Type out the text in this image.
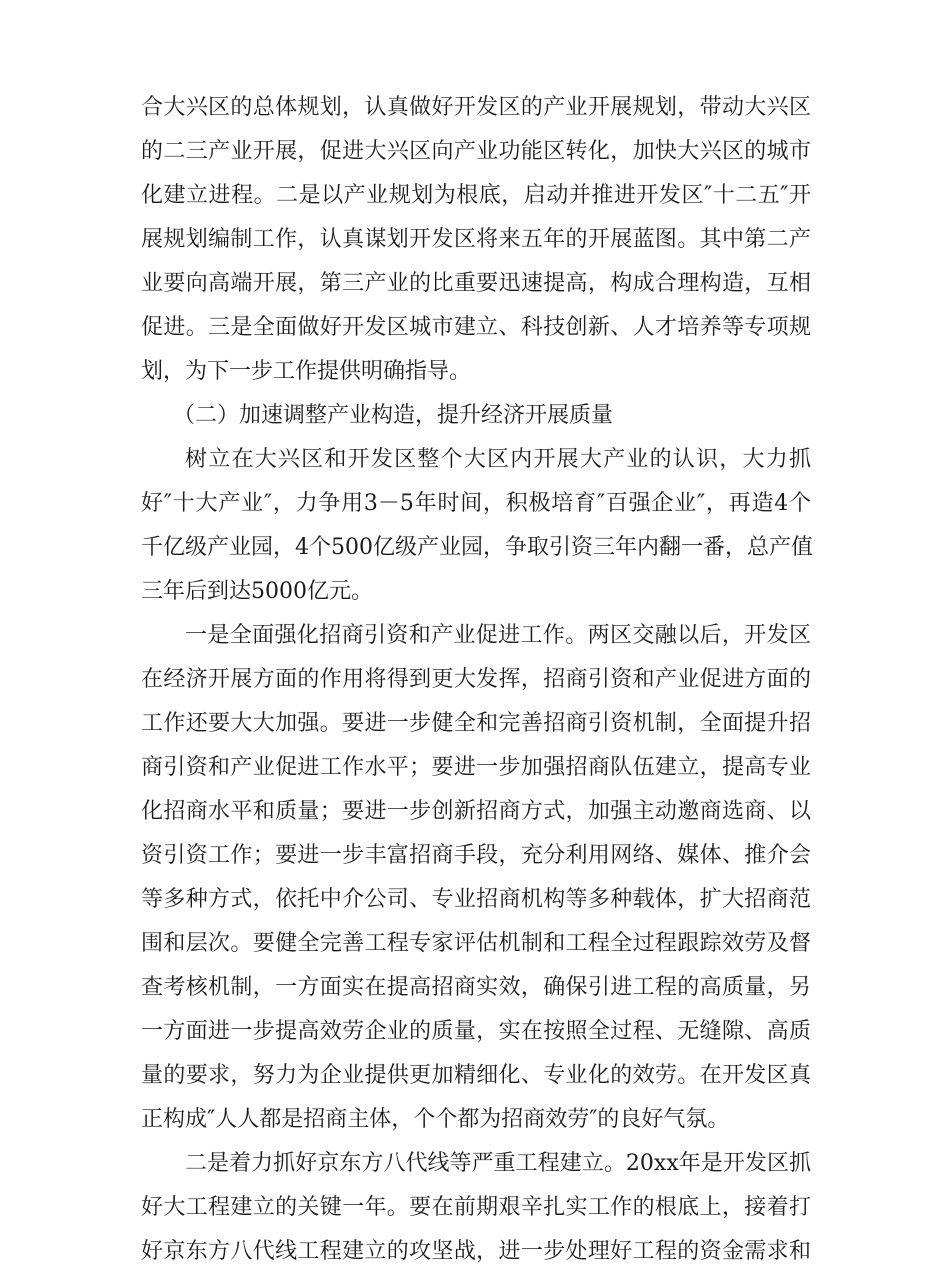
合大兴区的总体规划，认真做好开发区的产业开展规划，带动大兴区
的二三产业开展，促进大兴区向产业功能区转化，加快大兴区的城市
化建立进程。二是以产业规划为根底，启动并推进开发区″十二五″开
展规划编制工作，认真谋划开发区将来五年的开展蓝图。其中第二产
业要向高端开展，第三产业的比重要迅速提高，构成合理构造，互相
促进。三是全面做好开发区城市建立、科技创新、人才培养等专项规
划，为下一步工作提供明确指导。
（二）加速调整产业构造，提升经济开展质量
树立在大兴区和开发区整个大区内开展大产业的认识，大力抓
好″十大产业″，力争用3－5年时间，积极培育″百强企业″，再造4个
千亿级产业园，4个500亿级产业园，争取引资三年内翻一番，总产值
三年后到达5000亿元。
一是全面强化招商引资和产业促进工作。两区交融以后，开发区
在经济开展方面的作用将得到更大发挥，招商引资和产业促进方面的
工作还要大大加强。要进一步健全和完善招商引资机制，全面提升招
商引资和产业促进工作水平；要进一步加强招商队伍建立，提高专业
化招商水平和质量；要进一步创新招商方式，加强主动邀商选商、以
资引资工作；要进一步丰富招商手段，充分利用网络、媒体、推介会
等多种方式，依托中介公司、专业招商机构等多种载体，扩大招商范
围和层次。要健全完善工程专家评估机制和工程全过程跟踪效劳及督
查考核机制，一方面实在提高招商实效，确保引进工程的高质量，另
一方面进一步提高效劳企业的质量，实在按照全过程、无缝隙、高质
量的要求，努力为企业提供更加精细化、专业化的效劳。在开发区真
正构成″人人都是招商主体，个个都为招商效劳″的良好气氛。
二是着力抓好京东方八代线等严重工程建立。20xx年是开发区抓
好大工程建立的关键一年。要在前期艰辛扎实工作的根底上，接着打
好京东方八代线工程建立的攻坚战，进一步处理好工程的资金需求和
